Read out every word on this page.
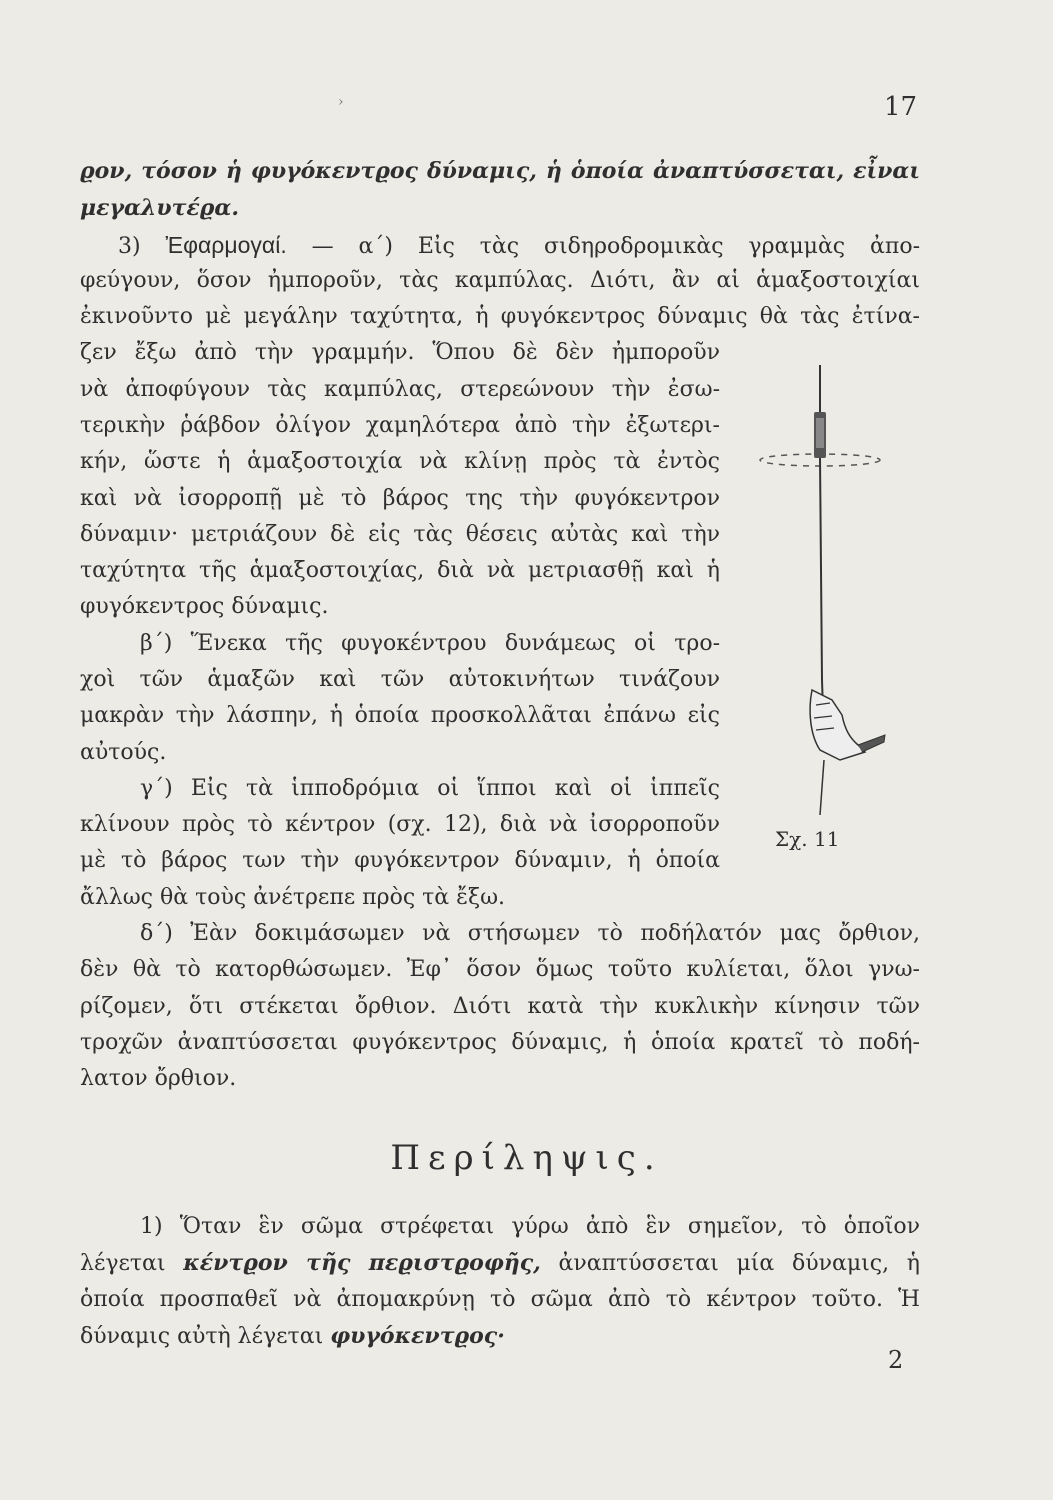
›	17
ϱον, τόσον ἡ φυγόκεντϱος δύναμις, ἡ ὁποία ἀναπτύσσεται, εἶναι
μεγαλυτέϱα.
3) Ἐφαρμογαί. — α΄) Εἰς τὰς σιδηροδρομικὰς γραμμὰς ἀπο-
φεύγουν, ὅσον ἠμποροῦν, τὰς καμπύλας. Διότι, ἂν αἱ ἁμαξοστοιχίαι
ἐκινοῦντο μὲ μεγάλην ταχύτητα, ἡ φυγόκεντρος δύναμις θὰ τὰς ἐτίνα-
ζεν ἔξω ἀπὸ τὴν γραμμήν. Ὅπου δὲ δὲν ἠμποροῦν
νὰ ἀποφύγουν τὰς καμπύλας, στερεώνουν τὴν ἐσω-
τερικὴν ῥάβδον ὀλίγον χαμηλότερα ἀπὸ τὴν ἐξωτερι-
κήν, ὥστε ἡ ἁμαξοστοιχία νὰ κλίνῃ πρὸς τὰ ἐντὸς
καὶ νὰ ἰσορροπῇ μὲ τὸ βάρος της τὴν φυγόκεντρον
δύναμιν· μετριάζουν δὲ εἰς τὰς θέσεις αὐτὰς καὶ τὴν
ταχύτητα τῆς ἁμαξοστοιχίας, διὰ νὰ μετριασθῇ καὶ ἡ
φυγόκεντρος δύναμις.
β΄) Ἕνεκα τῆς φυγοκέντρου δυνάμεως οἱ τρο-
χοὶ τῶν ἁμαξῶν καὶ τῶν αὐτοκινήτων τινάζουν
μακρὰν τὴν λάσπην, ἡ ὁποία προσκολλᾶται ἐπάνω εἰς
αὐτούς.
γ΄) Εἰς τὰ ἱπποδρόμια οἱ ἵπποι καὶ οἱ ἱππεῖς
κλίνουν πρὸς τὸ κέντρον (σχ. 12), διὰ νὰ ἰσορροποῦν
μὲ τὸ βάρος των τὴν φυγόκεντρον δύναμιν, ἡ ὁποία
ἄλλως θὰ τοὺς ἀνέτρεπε πρὸς τὰ ἔξω.
δ΄) Ἐὰν δοκιμάσωμεν νὰ στήσωμεν τὸ ποδήλατόν μας ὄρθιον,
δὲν θὰ τὸ κατορθώσωμεν. Ἐφ᾽ ὅσον ὅμως τοῦτο κυλίεται, ὅλοι γνω-
ρίζομεν, ὅτι στέκεται ὄρθιον. Διότι κατὰ τὴν κυκλικὴν κίνησιν τῶν
τροχῶν ἀναπτύσσεται φυγόκεντρος δύναμις, ἡ ὁποία κρατεῖ τὸ ποδή-
λατον ὄρθιον.
Περίληψις.
1) Ὅταν ἓν σῶμα στρέφεται γύρω ἀπὸ ἓν σημεῖον, τὸ ὁποῖον
λέγεται κέντϱον τῆς πεϱιστϱοφῆς, ἀναπτύσσεται μία δύναμις, ἡ
ὁποία προσπαθεῖ νὰ ἀπομακρύνῃ τὸ σῶμα ἀπὸ τὸ κέντρον τοῦτο. Ἡ
δύναμις αὐτὴ λέγεται φυγόκεντϱος·
2
Σχ. 11
